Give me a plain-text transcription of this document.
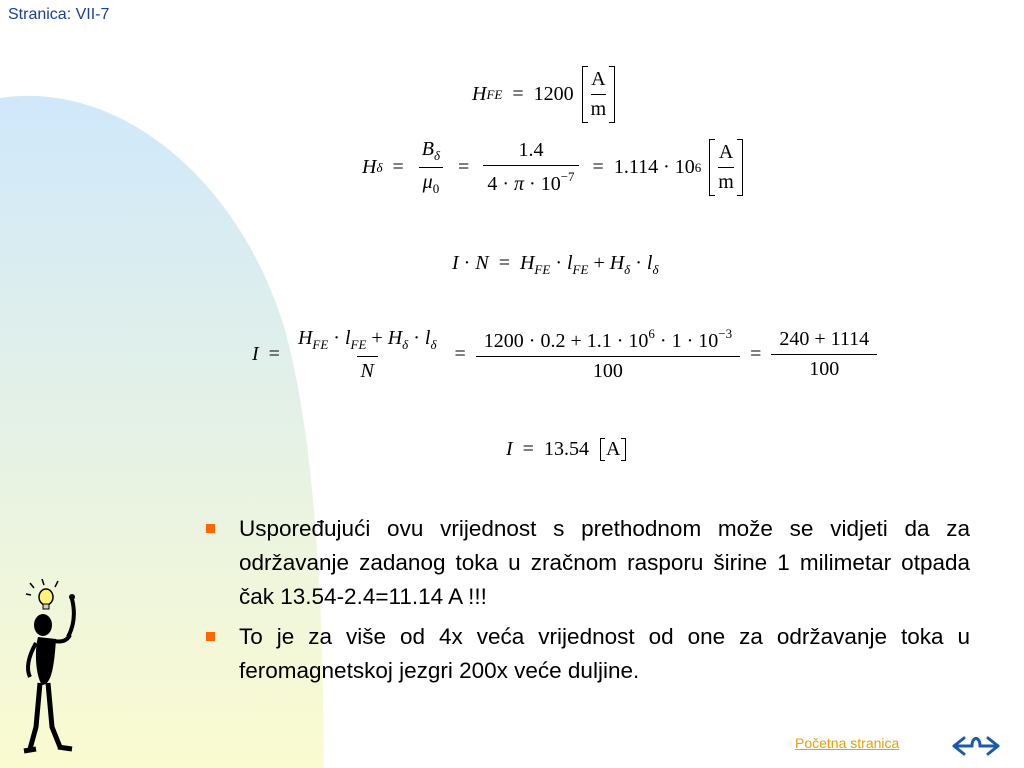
Stranica: VII-7
H FE = 1200
A
m
H $\delta = \frac{B_\delta}{\mu_0} = \frac{1.4}{4 \cdot \pi \cdot 10^{-7}} = 1.114 \cdot 10$ 6
A
m
$I \cdot N = H_{FE} \cdot l_{FE} + H_\delta \cdot l_\delta$
$I = \frac{H_{FE} \cdot l_{FE} + H_\delta \cdot l_\delta}{N} = \frac{1200 \cdot 0.2 + 1.1 \cdot 10^6 \cdot 1 \cdot 10^{-3}}{100} = \frac{240 + 1114}{100}$
I = 13.54 A
Uspoređujući ovu vrijednost s prethodnom može se vidjeti da za održavanje zadanog toka u zračnom rasporu širine 1 milimetar otpada čak 13.54-2.4=11.14 A !!!
To je za više od 4x veća vrijednost od one za održavanje toka u feromagnetskoj jezgri 200x veće duljine.
Početna stranica
